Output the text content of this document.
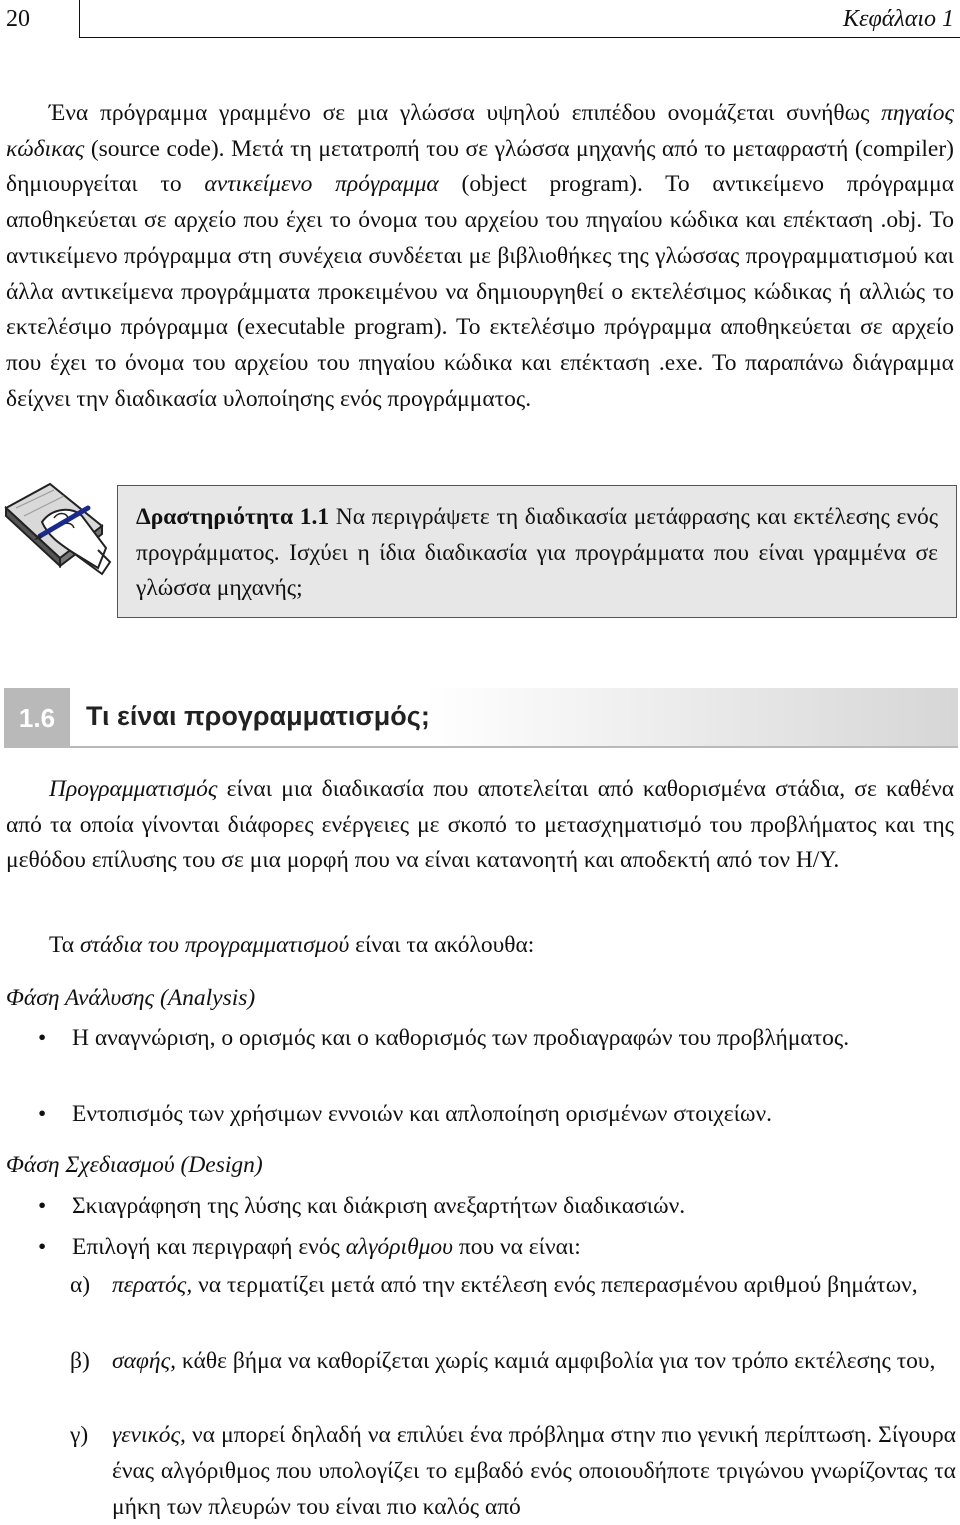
20	Κεφάλαιο 1

Ένα πρόγραμμα γραμμένο σε μια γλώσσα υψηλού επιπέδου ονομάζεται συνήθως πηγαίος κώδικας (source code). Μετά τη μετατροπή του σε γλώσσα μηχανής από το μεταφραστή (compiler) δημιουργείται το αντικείμενο πρόγραμμα (object program). Το αντικείμενο πρόγραμμα αποθηκεύεται σε αρχείο που έχει το όνομα του αρχείου του πηγαίου κώδικα και επέκταση .obj. Το αντικείμενο πρόγραμμα στη συνέχεια συνδέεται με βιβλιοθήκες της γλώσσας προγραμματισμού και άλλα αντικείμενα προγράμματα προκειμένου να δημιουργηθεί ο εκτελέσιμος κώδικας ή αλλιώς το εκτελέσιμο πρόγραμμα (executable program). Το εκτελέσιμο πρόγραμμα αποθηκεύεται σε αρχείο που έχει το όνομα του αρχείου του πηγαίου κώδικα και επέκταση .exe. Το παραπάνω διάγραμμα δείχνει την διαδικασία υλοποίησης ενός προγράμματος.

Δραστηριότητα 1.1 Να περιγράψετε τη διαδικασία μετάφρασης και εκτέλεσης ενός προγράμματος. Ισχύει η ίδια διαδικασία για προγράμματα που είναι γραμμένα σε γλώσσα μηχανής;

1.6	Τι είναι προγραμματισμός;

Προγραμματισμός είναι μια διαδικασία που αποτελείται από καθορισμένα στάδια, σε καθένα από τα οποία γίνονται διάφορες ενέργειες με σκοπό το μετασχηματισμό του προβλήματος και της μεθόδου επίλυσης του σε μια μορφή που να είναι κατανοητή και αποδεκτή από τον Η/Υ.

Τα στάδια του προγραμματισμού είναι τα ακόλουθα:

Φάση Ανάλυσης (Analysis)
• Η αναγνώριση, ο ορισμός και ο καθορισμός των προδιαγραφών του προβλήματος.
• Εντοπισμός των χρήσιμων εννοιών και απλοποίηση ορισμένων στοιχείων.
Φάση Σχεδιασμού (Design)
• Σκιαγράφηση της λύσης και διάκριση ανεξαρτήτων διαδικασιών.
• Επιλογή και περιγραφή ενός αλγόριθμου που να είναι:
α) περατός, να τερματίζει μετά από την εκτέλεση ενός πεπερασμένου αριθμού βημάτων,
β) σαφής, κάθε βήμα να καθορίζεται χωρίς καμιά αμφιβολία για τον τρόπο εκτέλεσης του,
γ) γενικός, να μπορεί δηλαδή να επιλύει ένα πρόβλημα στην πιο γενική περίπτωση. Σίγουρα ένας αλγόριθμος που υπολογίζει το εμβαδό ενός οποιουδήποτε τριγώνου γνωρίζοντας τα μήκη των πλευρών του είναι πιο καλός από
